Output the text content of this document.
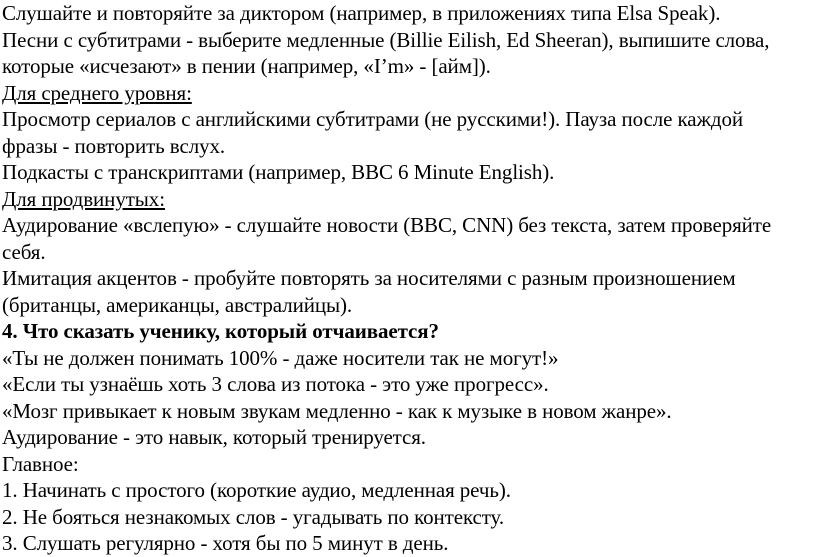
Слушайте и повторяйте за диктором (например, в приложениях типа Elsa Speak).

Песни с субтитрами - выберите медленные (Billie Eilish, Ed Sheeran), выпишите слова,

которые «исчезают» в пении (например, «I’m» - [айм]).

Для среднего уровня:

Просмотр сериалов с английскими субтитрами (не русскими!). Пауза после каждой

фразы - повторить вслух.

Подкасты с транскриптами (например, BBC 6 Minute English).

Для продвинутых:

Аудирование «вслепую» - слушайте новости (BBC, CNN) без текста, затем проверяйте

себя.

Имитация акцентов - пробуйте повторять за носителями с разным произношением

(британцы, американцы, австралийцы).

4. Что сказать ученику, который отчаивается?

«Ты не должен понимать 100% - даже носители так не могут!»

«Если ты узнаёшь хоть 3 слова из потока - это уже прогресс».

«Мозг привыкает к новым звукам медленно - как к музыке в новом жанре».

Аудирование - это навык, который тренируется.

Главное:

1. Начинать с простого (короткие аудио, медленная речь).

2. Не бояться незнакомых слов - угадывать по контексту.

3. Слушать регулярно - хотя бы по 5 минут в день.
